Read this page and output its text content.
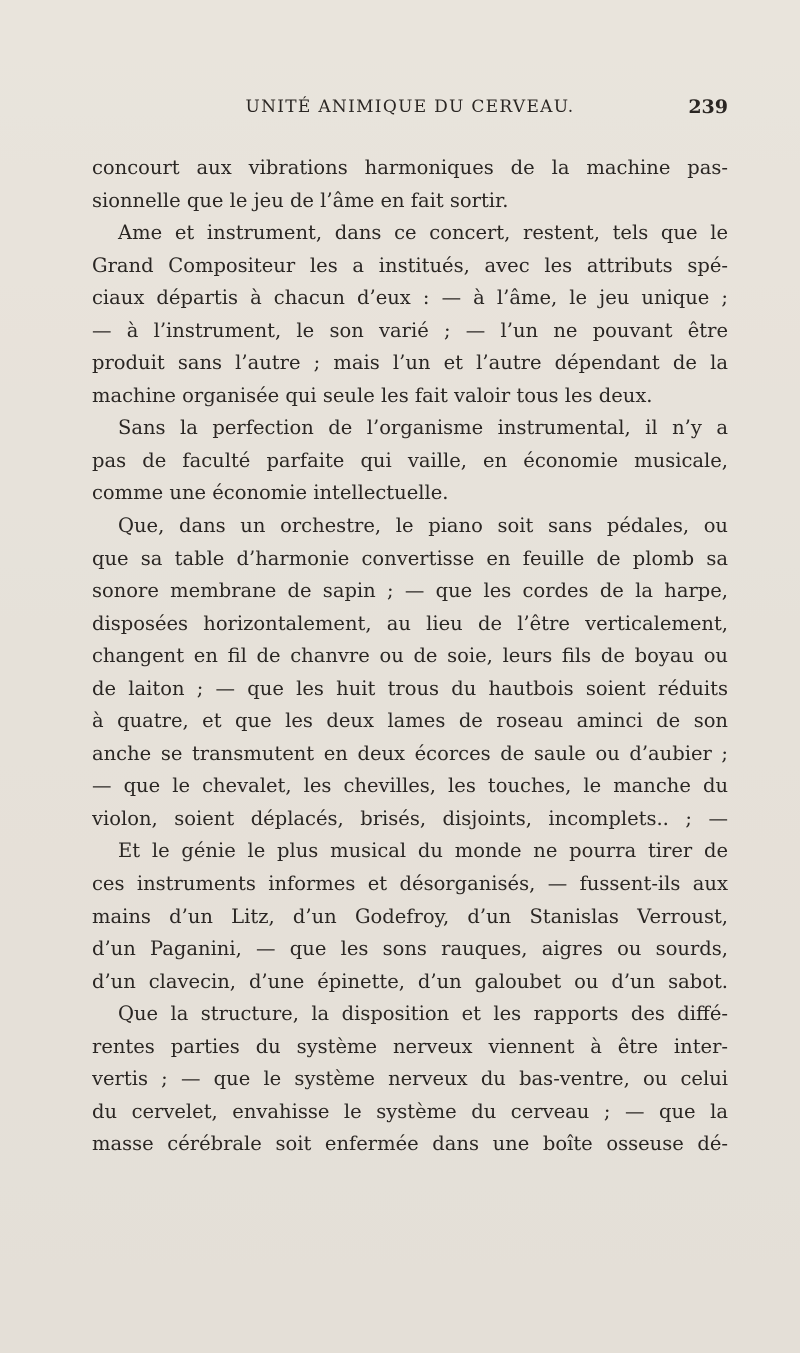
UNITÉ ANIMIQUE DU CERVEAU.	239
concourt aux vibrations harmoniques de la machine pas-
sionnelle que le jeu de l’âme en fait sortir.
Ame et instrument, dans ce concert, restent, tels que le
Grand Compositeur les a institués, avec les attributs spé-
ciaux départis à chacun d’eux : — à l’âme, le jeu unique ;
— à l’instrument, le son varié ; — l’un ne pouvant être
produit sans l’autre ; mais l’un et l’autre dépendant de la
machine organisée qui seule les fait valoir tous les deux.
Sans la perfection de l’organisme instrumental, il n’y a
pas de faculté parfaite qui vaille, en économie musicale,
comme une économie intellectuelle.
Que, dans un orchestre, le piano soit sans pédales, ou
que sa table d’harmonie convertisse en feuille de plomb sa
sonore membrane de sapin ; — que les cordes de la harpe,
disposées horizontalement, au lieu de l’être verticalement,
changent en fil de chanvre ou de soie, leurs fils de boyau ou
de laiton ; — que les huit trous du hautbois soient réduits
à quatre, et que les deux lames de roseau aminci de son
anche se transmutent en deux écorces de saule ou d’aubier ;
— que le chevalet, les chevilles, les touches, le manche du
violon, soient déplacés, brisés, disjoints, incomplets.. ; —
Et le génie le plus musical du monde ne pourra tirer de
ces instruments informes et désorganisés, — fussent-ils aux
mains d’un Litz, d’un Godefroy, d’un Stanislas Verroust,
d’un Paganini, — que les sons rauques, aigres ou sourds,
d’un clavecin, d’une épinette, d’un galoubet ou d’un sabot.
Que la structure, la disposition et les rapports des diffé-
rentes parties du système nerveux viennent à être inter-
vertis ; — que le système nerveux du bas-ventre, ou celui
du cervelet, envahisse le système du cerveau ; — que la
masse cérébrale soit enfermée dans une boîte osseuse dé-
